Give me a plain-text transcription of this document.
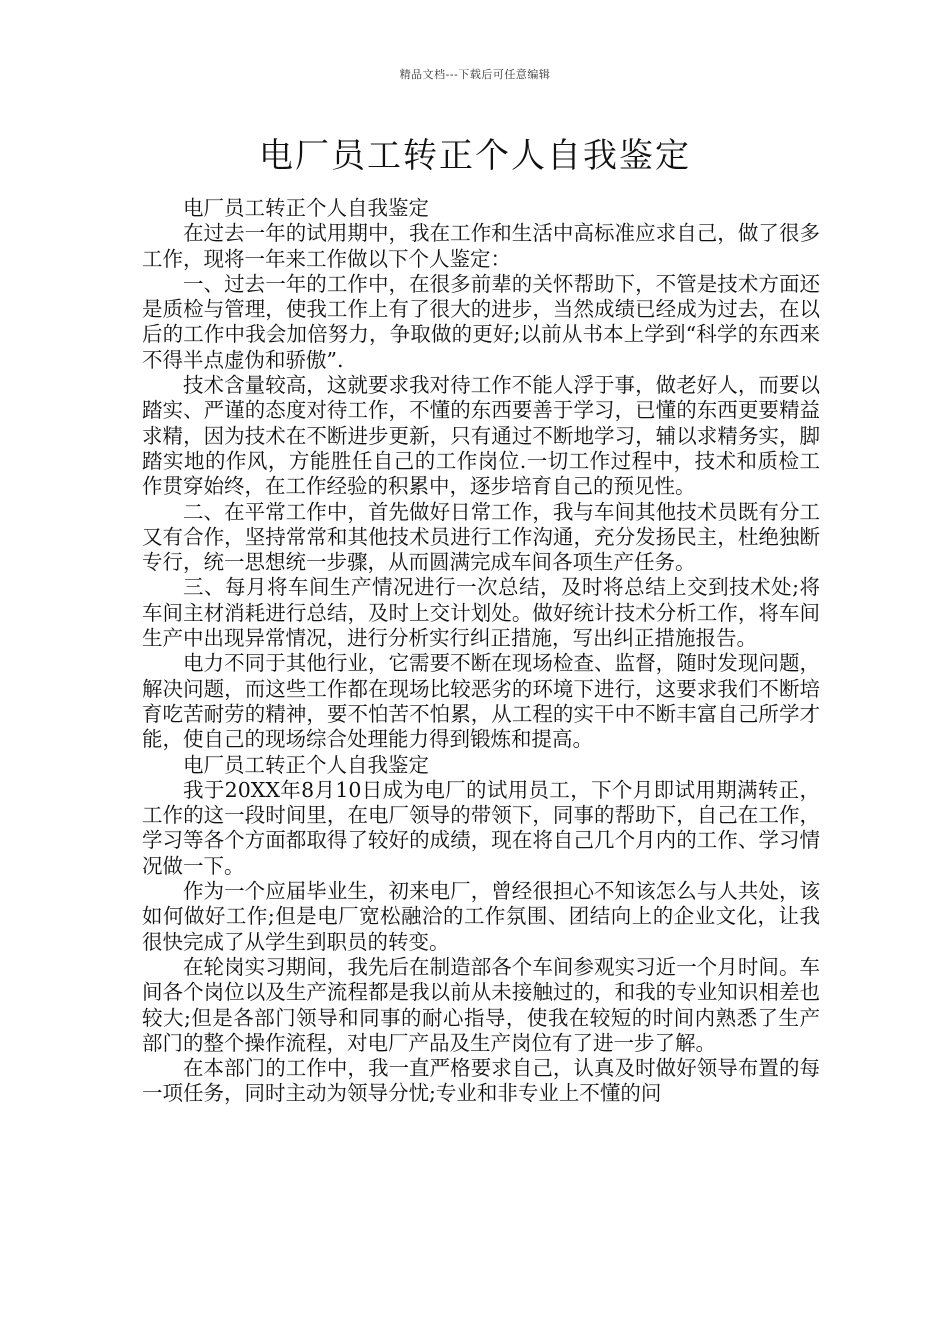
精品文档---下载后可任意编辑
电厂员工转正个人自我鉴定

电厂员工转正个人自我鉴定

在过去一年的试用期中，我在工作和生活中高标准应求自己，做了很多工作，现将一年来工作做以下个人鉴定：

一、过去一年的工作中，在很多前辈的关怀帮助下，不管是技术方面还是质检与管理，使我工作上有了很大的进步，当然成绩已经成为过去，在以后的工作中我会加倍努力，争取做的更好;以前从书本上学到“科学的东西来不得半点虚伪和骄傲”.

技术含量较高，这就要求我对待工作不能人浮于事，做老好人，而要以踏实、严谨的态度对待工作，不懂的东西要善于学习，已懂的东西更要精益求精，因为技术在不断进步更新，只有通过不断地学习，辅以求精务实，脚踏实地的作风，方能胜任自己的工作岗位.一切工作过程中，技术和质检工作贯穿始终，在工作经验的积累中，逐步培育自己的预见性。

二、在平常工作中，首先做好日常工作，我与车间其他技术员既有分工又有合作，坚持常常和其他技术员进行工作沟通，充分发扬民主，杜绝独断专行，统一思想统一步骤，从而圆满完成车间各项生产任务。

三、每月将车间生产情况进行一次总结，及时将总结上交到技术处;将车间主材消耗进行总结，及时上交计划处。做好统计技术分析工作，将车间生产中出现异常情况，进行分析实行纠正措施，写出纠正措施报告。

电力不同于其他行业，它需要不断在现场检查、监督，随时发现问题，解决问题，而这些工作都在现场比较恶劣的环境下进行，这要求我们不断培育吃苦耐劳的精神，要不怕苦不怕累，从工程的实干中不断丰富自己所学才能，使自己的现场综合处理能力得到锻炼和提高。

电厂员工转正个人自我鉴定

我于20XX年8月10日成为电厂的试用员工，下个月即试用期满转正，工作的这一段时间里，在电厂领导的带领下，同事的帮助下，自己在工作，学习等各个方面都取得了较好的成绩，现在将自己几个月内的工作、学习情况做一下。

作为一个应届毕业生，初来电厂，曾经很担心不知该怎么与人共处，该如何做好工作;但是电厂宽松融洽的工作氛围、团结向上的企业文化，让我很快完成了从学生到职员的转变。

在轮岗实习期间，我先后在制造部各个车间参观实习近一个月时间。车间各个岗位以及生产流程都是我以前从未接触过的，和我的专业知识相差也较大;但是各部门领导和同事的耐心指导，使我在较短的时间内熟悉了生产部门的整个操作流程，对电厂产品及生产岗位有了进一步了解。

在本部门的工作中，我一直严格要求自己，认真及时做好领导布置的每一项任务，同时主动为领导分忧;专业和非专业上不懂的问
